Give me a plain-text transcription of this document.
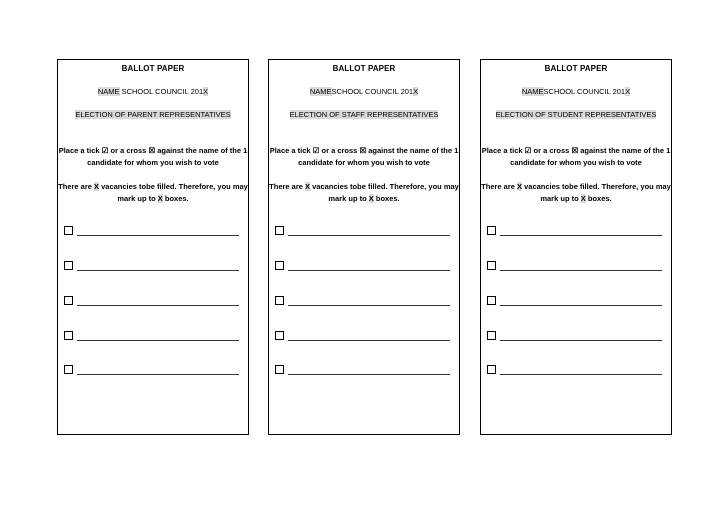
BALLOT PAPER
NAME SCHOOL COUNCIL 201X
ELECTION OF PARENT REPRESENTATIVES
Place a tick ☑ or a cross ☒ against the name of the 1 candidate for whom you wish to vote
There are X vacancies tobe filled. Therefore, you may mark up to X boxes.
BALLOT PAPER
NAMESCHOOL COUNCIL 201X
ELECTION OF STAFF REPRESENTATIVES
Place a tick ☑ or a cross ☒ against the name of the 1 candidate for whom you wish to vote
There are X vacancies tobe filled. Therefore, you may mark up to X boxes.
BALLOT PAPER
NAMESCHOOL COUNCIL 201X
ELECTION OF STUDENT REPRESENTATIVES
Place a tick ☑ or a cross ☒ against the name of the 1 candidate for whom you wish to vote
There are X vacancies tobe filled. Therefore, you may mark up to X boxes.
